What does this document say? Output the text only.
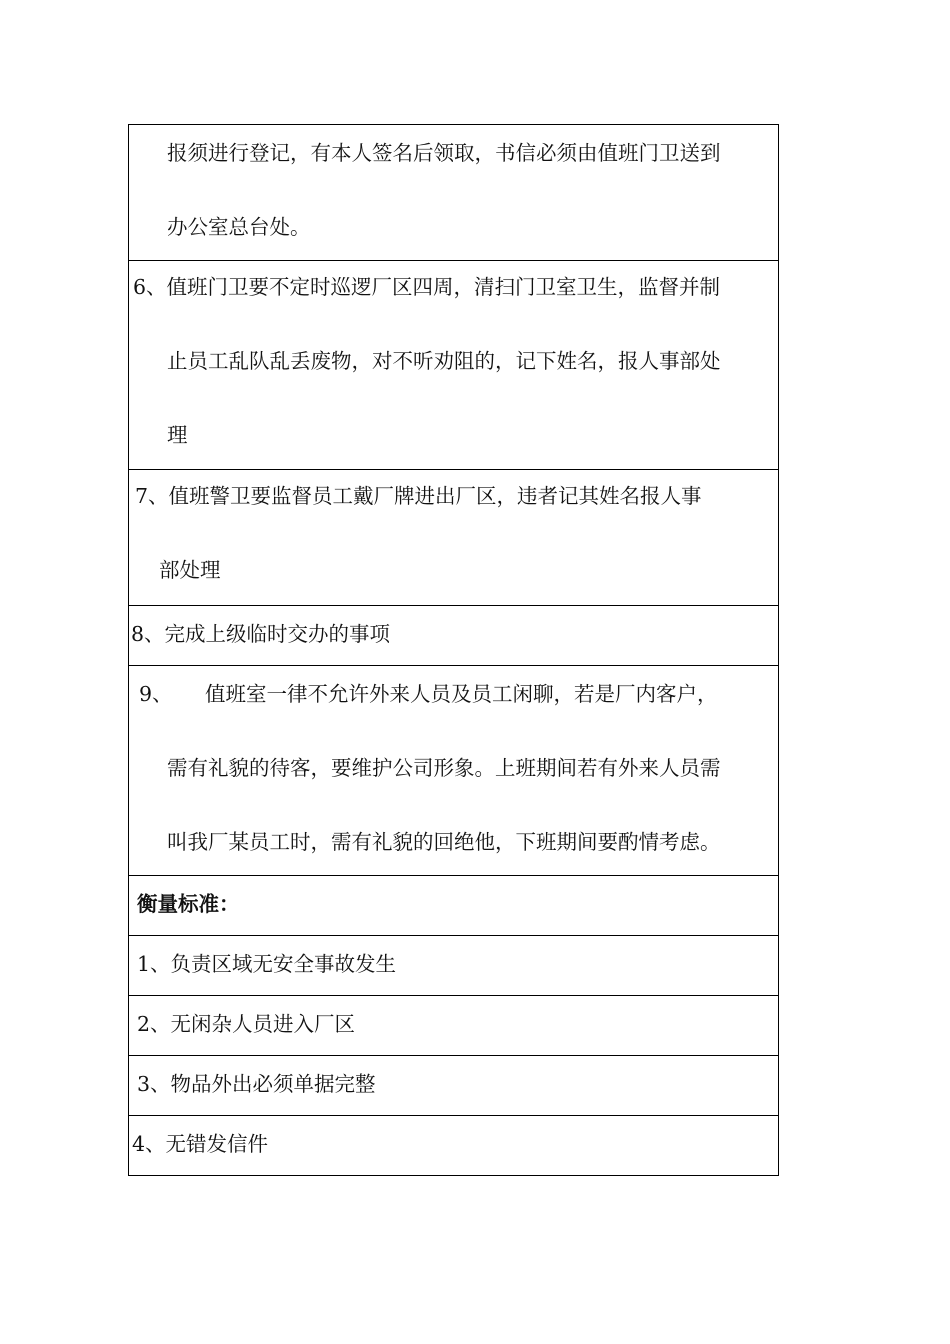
报须进行登记，有本人签名后领取，书信必须由值班门卫送到
办公室总台处。

6、值班门卫要不定时巡逻厂区四周，清扫门卫室卫生，监督并制
止员工乱队乱丢废物，对不听劝阻的，记下姓名，报人事部处
理

7、值班警卫要监督员工戴厂牌进出厂区，违者记其姓名报人事
部处理

8、完成上级临时交办的事项

9、 值班室一律不允许外来人员及员工闲聊，若是厂内客户，
需有礼貌的待客，要维护公司形象。上班期间若有外来人员需
叫我厂某员工时，需有礼貌的回绝他，下班期间要酌情考虑。

衡量标准：

1、负责区域无安全事故发生

2、无闲杂人员进入厂区

3、物品外出必须单据完整

4、无错发信件
